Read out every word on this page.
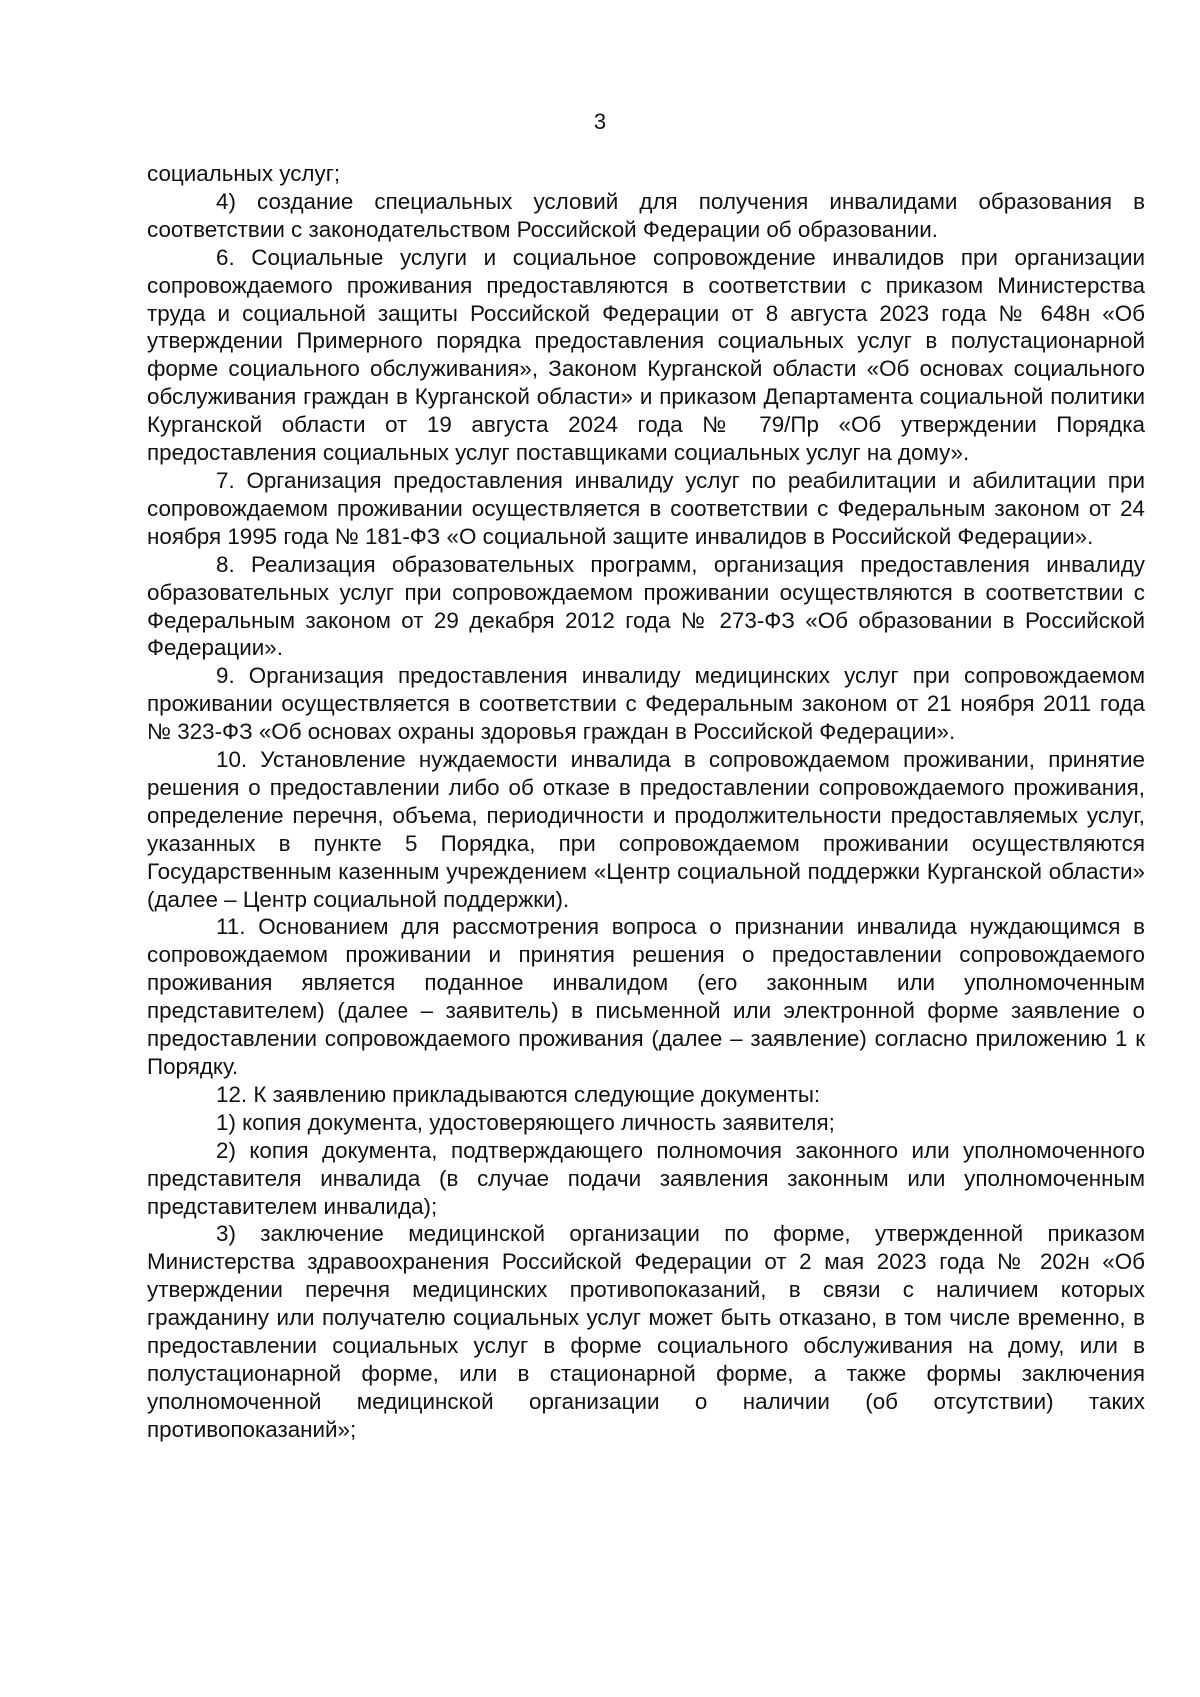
3

социальных услуг;

4) создание специальных условий для получения инвалидами образования в соответствии с законодательством Российской Федерации об образовании.

6. Социальные услуги и социальное сопровождение инвалидов при организации сопровождаемого проживания предоставляются в соответствии с приказом Министерства труда и социальной защиты Российской Федерации от 8 августа 2023 года № 648н «Об утверждении Примерного порядка предоставления социальных услуг в полустационарной форме социального обслуживания», Законом Курганской области «Об основах социального обслуживания граждан в Курганской области» и приказом Департамента социальной политики Курганской области от 19 августа 2024 года № 79/Пр «Об утверждении Порядка предоставления социальных услуг поставщиками социальных услуг на дому».

7. Организация предоставления инвалиду услуг по реабилитации и абилитации при сопровождаемом проживании осуществляется в соответствии с Федеральным законом от 24 ноября 1995 года № 181-ФЗ «О социальной защите инвалидов в Российской Федерации».

8. Реализация образовательных программ, организация предоставления инвалиду образовательных услуг при сопровождаемом проживании осуществляются в соответствии с Федеральным законом от 29 декабря 2012 года № 273-ФЗ «Об образовании в Российской Федерации».

9. Организация предоставления инвалиду медицинских услуг при сопровождаемом проживании осуществляется в соответствии с Федеральным законом от 21 ноября 2011 года № 323-ФЗ «Об основах охраны здоровья граждан в Российской Федерации».

10. Установление нуждаемости инвалида в сопровождаемом проживании, принятие решения о предоставлении либо об отказе в предоставлении сопровождаемого проживания, определение перечня, объема, периодичности и продолжительности предоставляемых услуг, указанных в пункте 5 Порядка, при сопровождаемом проживании осуществляются Государственным казенным учреждением «Центр социальной поддержки Курганской области» (далее – Центр социальной поддержки).

11. Основанием для рассмотрения вопроса о признании инвалида нуждающимся в сопровождаемом проживании и принятия решения о предоставлении сопровождаемого проживания является поданное инвалидом (его законным или уполномоченным представителем) (далее – заявитель) в письменной или электронной форме заявление о предоставлении сопровождаемого проживания (далее – заявление) согласно приложению 1 к Порядку.

12. К заявлению прикладываются следующие документы:

1) копия документа, удостоверяющего личность заявителя;

2) копия документа, подтверждающего полномочия законного или уполномоченного представителя инвалида (в случае подачи заявления законным или уполномоченным представителем инвалида);

3) заключение медицинской организации по форме, утвержденной приказом Министерства здравоохранения Российской Федерации от 2 мая 2023 года № 202н «Об утверждении перечня медицинских противопоказаний, в связи с наличием которых гражданину или получателю социальных услуг может быть отказано, в том числе временно, в предоставлении социальных услуг в форме социального обслуживания на дому, или в полустационарной форме, или в стационарной форме, а также формы заключения уполномоченной медицинской организации о наличии (об отсутствии) таких противопоказаний»;
